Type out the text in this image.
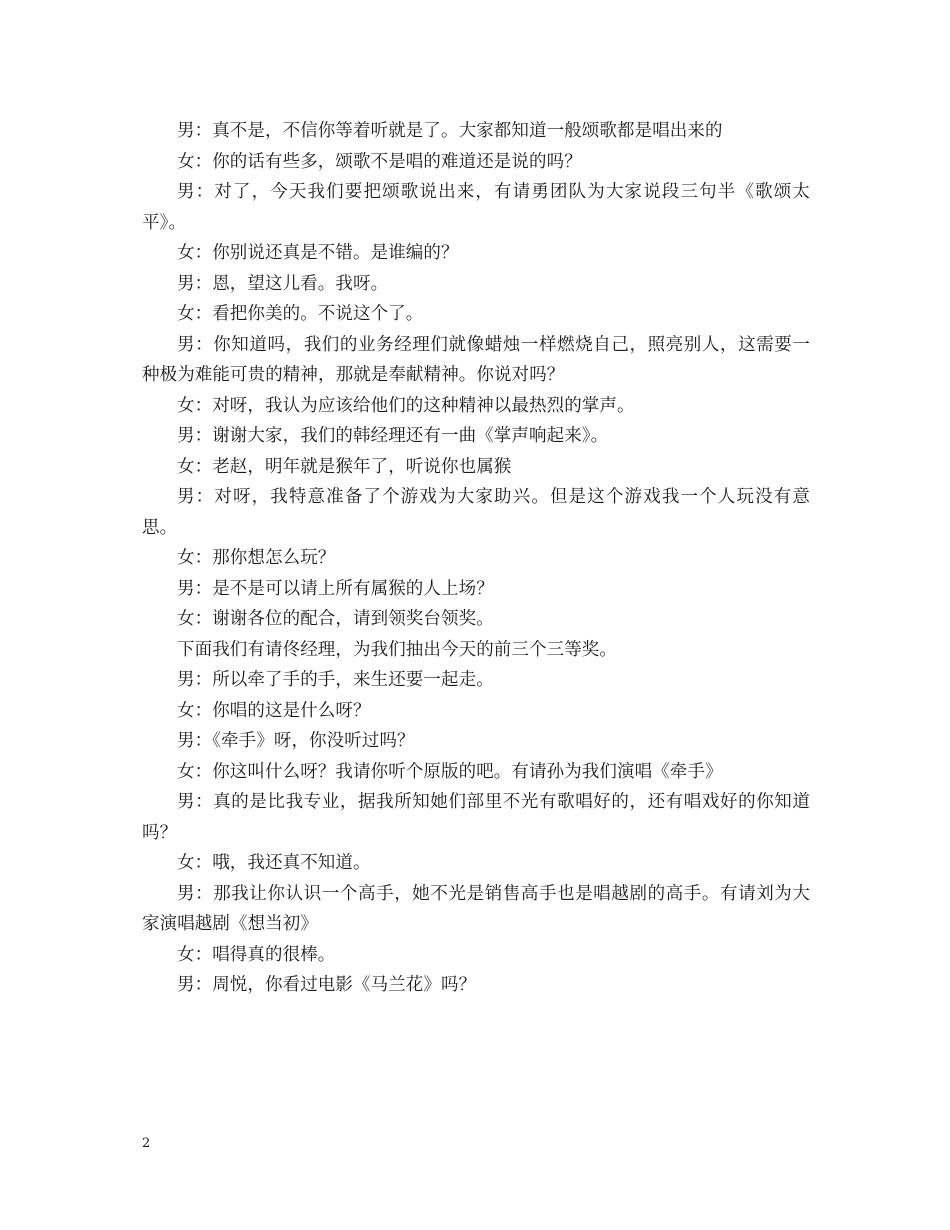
男：真不是，不信你等着听就是了。大家都知道一般颂歌都是唱出来的

女：你的话有些多，颂歌不是唱的难道还是说的吗？

男：对了，今天我们要把颂歌说出来，有请勇团队为大家说段三句半《歌颂太平》。

女：你别说还真是不错。是谁编的？

男：恩，望这儿看。我呀。

女：看把你美的。不说这个了。

男：你知道吗，我们的业务经理们就像蜡烛一样燃烧自己，照亮别人，这需要一种极为难能可贵的精神，那就是奉献精神。你说对吗？

女：对呀，我认为应该给他们的这种精神以最热烈的掌声。

男：谢谢大家，我们的韩经理还有一曲《掌声响起来》。

女：老赵，明年就是猴年了，听说你也属猴

男：对呀，我特意准备了个游戏为大家助兴。但是这个游戏我一个人玩没有意思。

女：那你想怎么玩？

男：是不是可以请上所有属猴的人上场？

女：谢谢各位的配合，请到领奖台领奖。

下面我们有请佟经理，为我们抽出今天的前三个三等奖。

男：所以牵了手的手，来生还要一起走。

女：你唱的这是什么呀？

男：《牵手》呀，你没听过吗？

女：你这叫什么呀？我请你听个原版的吧。有请孙为我们演唱《牵手》

男：真的是比我专业，据我所知她们部里不光有歌唱好的，还有唱戏好的你知道吗？

女：哦，我还真不知道。

男：那我让你认识一个高手，她不光是销售高手也是唱越剧的高手。有请刘为大家演唱越剧《想当初》

女：唱得真的很棒。

男：周悦，你看过电影《马兰花》吗？

2
